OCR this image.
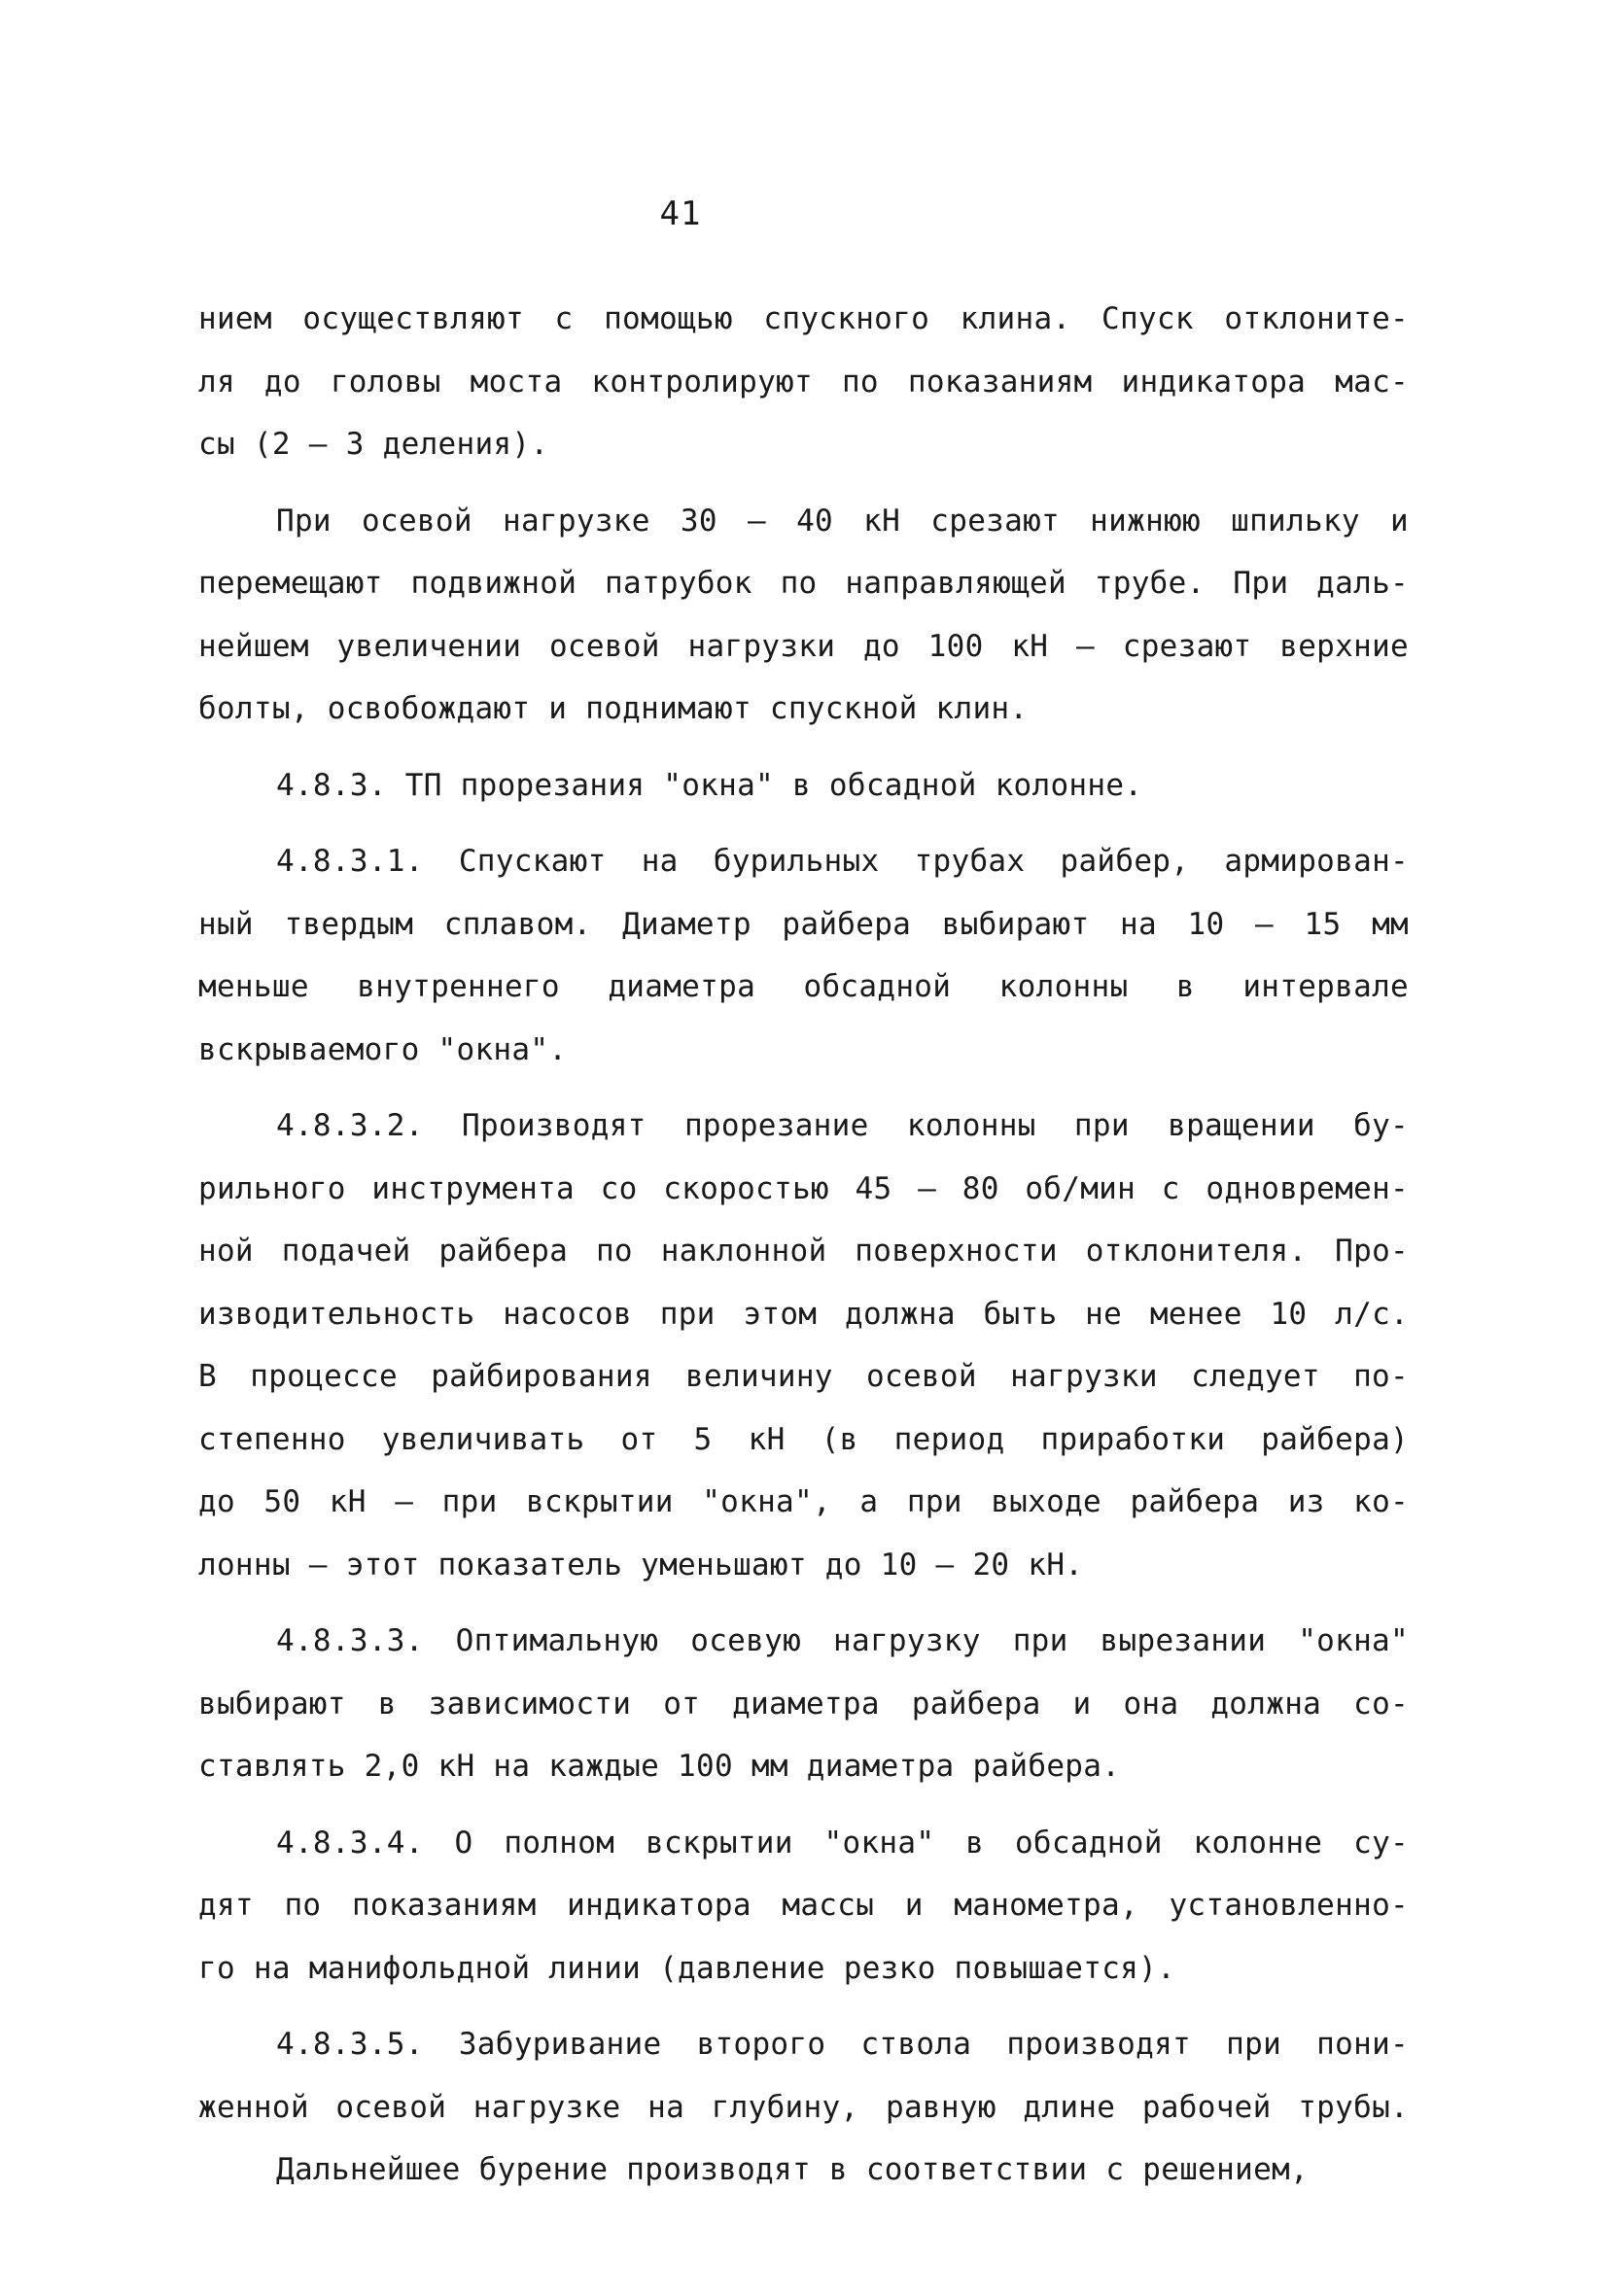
41
нием осуществляют с помощью спускного клина. Спуск отклоните-
ля до головы моста контролируют по показаниям индикатора мас-
сы (2 – 3 деления).
При осевой нагрузке 30 – 40 кН срезают нижнюю шпильку и
перемещают подвижной патрубок по направляющей трубе. При даль-
нейшем увеличении осевой нагрузки до 100 кН – срезают верхние
болты, освобождают и поднимают спускной клин.
4.8.3. ТП прорезания "окна" в обсадной колонне.
4.8.3.1. Спускают на бурильных трубах райбер, армирован-
ный твердым сплавом. Диаметр райбера выбирают на 10 – 15 мм
меньше внутреннего диаметра обсадной колонны в интервале
вскрываемого "окна".
4.8.3.2. Производят прорезание колонны при вращении бу-
рильного инструмента со скоростью 45 – 80 об/мин с одновремен-
ной подачей райбера по наклонной поверхности отклонителя. Про-
изводительность насосов при этом должна быть не менее 10 л/с.
В процессе райбирования величину осевой нагрузки следует по-
степенно увеличивать от 5 кН (в период приработки райбера)
до 50 кН – при вскрытии "окна", а при выходе райбера из ко-
лонны – этот показатель уменьшают до 10 – 20 кН.
4.8.3.3. Оптимальную осевую нагрузку при вырезании "окна"
выбирают в зависимости от диаметра райбера и она должна со-
ставлять 2,0 кН на каждые 100 мм диаметра райбера.
4.8.3.4. О полном вскрытии "окна" в обсадной колонне су-
дят по показаниям индикатора массы и манометра, установленно-
го на манифольдной линии (давление резко повышается).
4.8.3.5. Забуривание второго ствола производят при пони-
женной осевой нагрузке на глубину, равную длине рабочей трубы.
Дальнейшее бурение производят в соответствии с решением,
